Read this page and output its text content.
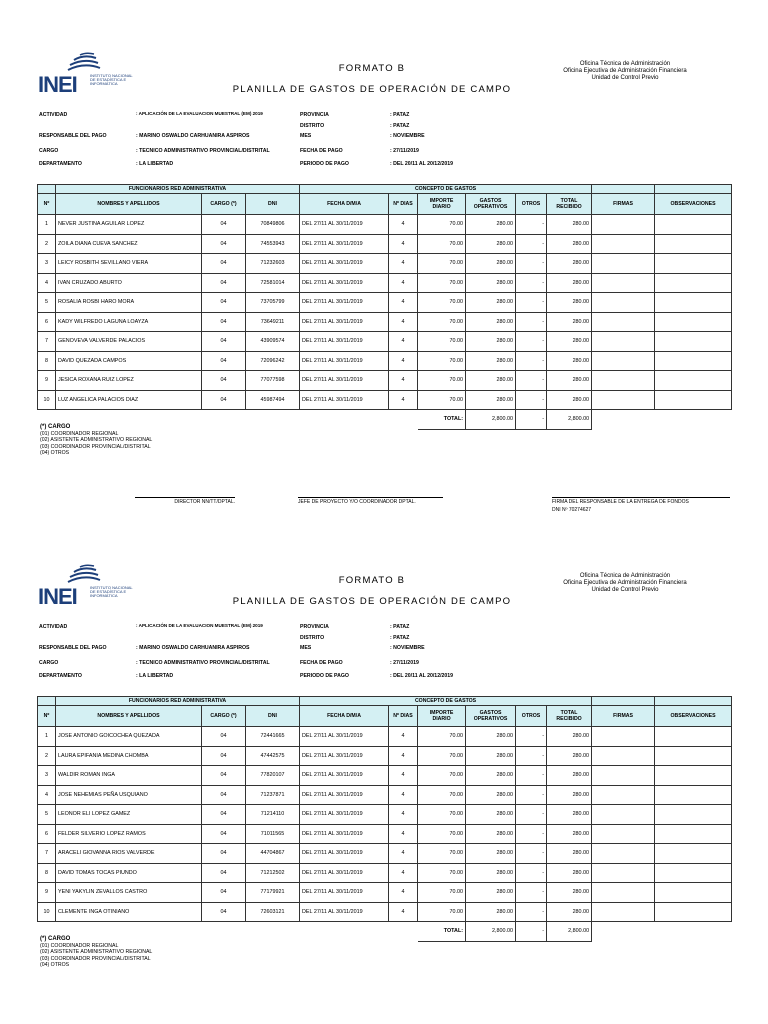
INEI	INSTITUTO NACIONAL DE ESTADÍSTICA E INFORMÁTICA
FORMATO B
PLANILLA DE GASTOS DE OPERACIÓN DE CAMPO
Oficina Técnica de Administración
Oficina Ejecutiva de Administración Financiera
Unidad de Control Previo
ACTIVIDAD	: APLICACIÓN DE LA EVALUACION MUESTRAL (EM) 2019
RESPONSABLE DEL PAGO	: MARINO OSWALDO CARHUANIRA ASPIROS
CARGO	: TECNICO ADMINISTRATIVO PROVINCIAL/DISTRITAL
DEPARTAMENTO	: LA LIBERTAD
PROVINCIA	: PATAZ
DISTRITO	: PATAZ
MES	: NOVIEMBRE
FECHA DE PAGO	: 27/11/2019
PERIODO DE PAGO	: DEL 20/11 AL 20/12/2019
	FUNCIONARIOS RED ADMINISTRATIVA			CONCEPTO DE GASTOS							
Nº	NOMBRES Y APELLIDOS	CARGO (*)	DNI	FECHA D/M/A	Nº DIAS	IMPORTE DIARIO	GASTOS OPERATIVOS	OTROS	TOTAL RECIBIDO	FIRMAS	OBSERVACIONES
1	NEVER JUSTINA AGUILAR LOPEZ	04	70849806	DEL 27/11 AL 30/11/2019	4	70.00	280.00	-	280.00		
2	ZOILA DIANA CUEVA SANCHEZ	04	74553943	DEL 27/11 AL 30/11/2019	4	70.00	280.00	-	280.00		
3	LEICY ROSBITH SEVILLANO VIERA	04	71232603	DEL 27/11 AL 30/11/2019	4	70.00	280.00	-	280.00		
4	IVAN CRUZADO ABURTO	04	72581014	DEL 27/11 AL 30/11/2019	4	70.00	280.00	-	280.00		
5	ROSALIA ROSBI HARO MORA	04	73705799	DEL 27/11 AL 30/11/2019	4	70.00	280.00	-	280.00		
6	KADY WILFREDO LAGUNA LOAYZA	04	73649211	DEL 27/11 AL 30/11/2019	4	70.00	280.00	-	280.00		
7	GENOVEVA VALVERDE PALACIOS	04	43909574	DEL 27/11 AL 30/11/2019	4	70.00	280.00	-	280.00		
8	DAVID QUEZADA CAMPOS	04	72096242	DEL 27/11 AL 30/11/2019	4	70.00	280.00	-	280.00		
9	JESICA ROXANA RUIZ LOPEZ	04	77077598	DEL 27/11 AL 30/11/2019	4	70.00	280.00	-	280.00		
10	LUZ ANGELICA PALACIOS DIAZ	04	45987494	DEL 27/11 AL 30/11/2019	4	70.00	280.00	-	280.00		
						TOTAL:	2,800.00	-	2,800.00		
(*) CARGO
(01) COORDINADOR REGIONAL
(02) ASISTENTE ADMINISTRATIVO REGIONAL
(03) COORDINADOR PROVINCIAL/DISTRITAL
(04) OTROS
DIRECTOR NN/TT/DPTAL.	JEFE DE PROYECTO Y/O COORDINADOR DPTAL.	FIRMA DEL RESPONSABLE DE LA ENTREGA DE FONDOS
DNI Nº 70274627
INEI	INSTITUTO NACIONAL DE ESTADÍSTICA E INFORMÁTICA
FORMATO B
PLANILLA DE GASTOS DE OPERACIÓN DE CAMPO
Oficina Técnica de Administración
Oficina Ejecutiva de Administración Financiera
Unidad de Control Previo
ACTIVIDAD	: APLICACIÓN DE LA EVALUACION MUESTRAL (EM) 2019
RESPONSABLE DEL PAGO	: MARINO OSWALDO CARHUANIRA ASPIROS
CARGO	: TECNICO ADMINISTRATIVO PROVINCIAL/DISTRITAL
DEPARTAMENTO	: LA LIBERTAD
PROVINCIA	: PATAZ
DISTRITO	: PATAZ
MES	: NOVIEMBRE
FECHA DE PAGO	: 27/11/2019
PERIODO DE PAGO	: DEL 20/11 AL 20/12/2019
	FUNCIONARIOS RED ADMINISTRATIVA			CONCEPTO DE GASTOS							
Nº	NOMBRES Y APELLIDOS	CARGO (*)	DNI	FECHA D/M/A	Nº DIAS	IMPORTE DIARIO	GASTOS OPERATIVOS	OTROS	TOTAL RECIBIDO	FIRMAS	OBSERVACIONES
1	JOSE ANTONIO GOICOCHEA QUEZADA	04	72441665	DEL 27/11 AL 30/11/2019	4	70.00	280.00	-	280.00		
2	LAURA EPIFANIA MEDINA CHOMBA	04	47442575	DEL 27/11 AL 30/11/2019	4	70.00	280.00	-	280.00		
3	WALDIR ROMAN INGA	04	77820107	DEL 27/11 AL 30/11/2019	4	70.00	280.00	-	280.00		
4	JOSE NEHEMIAS PEÑA USQUIANO	04	71237871	DEL 27/11 AL 30/11/2019	4	70.00	280.00	-	280.00		
5	LEONOR ELI LOPEZ GAMEZ	04	71214110	DEL 27/11 AL 30/11/2019	4	70.00	280.00	-	280.00		
6	FELDER SILVERIO LOPEZ RAMOS	04	71011565	DEL 27/11 AL 30/11/2019	4	70.00	280.00	-	280.00		
7	ARACELI GIOVANNA RIOS VALVERDE	04	44704867	DEL 27/11 AL 30/11/2019	4	70.00	280.00	-	280.00		
8	DAVID TOMAS TOCAS PIUNDO	04	71212502	DEL 27/11 AL 30/11/2019	4	70.00	280.00	-	280.00		
9	YENI YAKYLIN ZEVALLOS CASTRO	04	77179921	DEL 27/11 AL 30/11/2019	4	70.00	280.00	-	280.00		
10	CLEMENTE INGA OTINIANO	04	72603121	DEL 27/11 AL 30/11/2019	4	70.00	280.00	-	280.00		
						TOTAL:	2,800.00	-	2,800.00		
(*) CARGO
(01) COORDINADOR REGIONAL
(02) ASISTENTE ADMINISTRATIVO REGIONAL
(03) COORDINADOR PROVINCIAL/DISTRITAL
(04) OTROS
